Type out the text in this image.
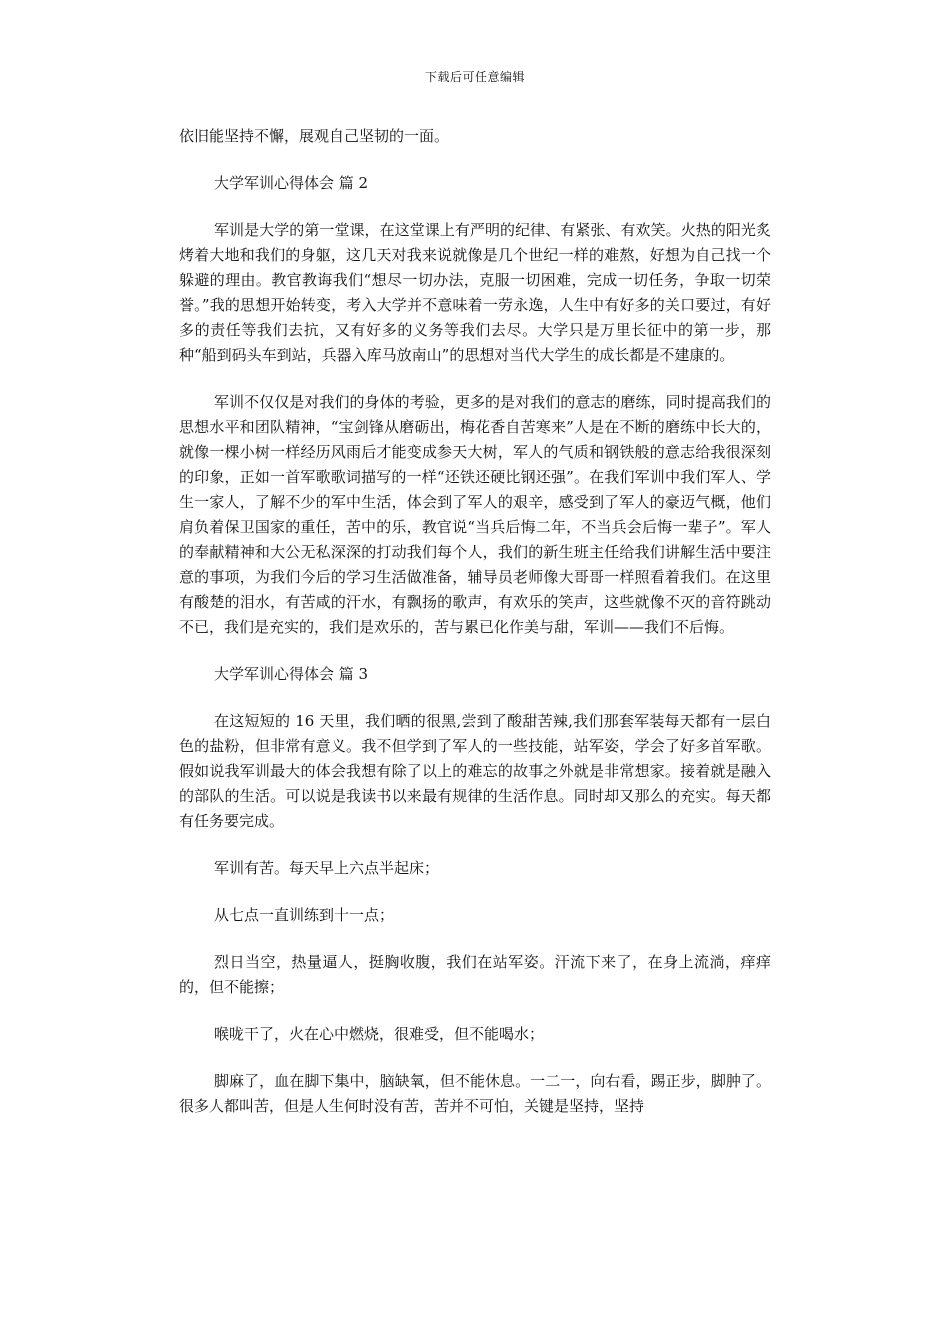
下载后可任意编辑

依旧能坚持不懈，展观自己坚韧的一面。

大学军训心得体会 篇 2

军训是大学的第一堂课，在这堂课上有严明的纪律、有紧张、有欢笑。火热的阳光炙烤着大地和我们的身躯，这几天对我来说就像是几个世纪一样的难熬，好想为自己找一个躲避的理由。教官教诲我们“想尽一切办法，克服一切困难，完成一切任务，争取一切荣誉。”我的思想开始转变，考入大学并不意味着一劳永逸，人生中有好多的关口要过，有好多的责任等我们去抗，又有好多的义务等我们去尽。大学只是万里长征中的第一步，那种“船到码头车到站，兵器入库马放南山”的思想对当代大学生的成长都是不建康的。

军训不仅仅是对我们的身体的考验，更多的是对我们的意志的磨练，同时提高我们的思想水平和团队精神，“宝剑锋从磨砺出，梅花香自苦寒来”人是在不断的磨练中长大的，就像一棵小树一样经历风雨后才能变成参天大树，军人的气质和钢铁般的意志给我很深刻的印象，正如一首军歌歌词描写的一样“还铁还硬比钢还强”。在我们军训中我们军人、学生一家人，了解不少的军中生活，体会到了军人的艰辛，感受到了军人的豪迈气概，他们肩负着保卫国家的重任，苦中的乐，教官说“当兵后悔二年，不当兵会后悔一辈子”。军人的奉献精神和大公无私深深的打动我们每个人，我们的新生班主任给我们讲解生活中要注意的事项，为我们今后的学习生活做准备，辅导员老师像大哥哥一样照看着我们。在这里有酸楚的泪水，有苦咸的汗水，有飘扬的歌声，有欢乐的笑声，这些就像不灭的音符跳动不已，我们是充实的，我们是欢乐的，苦与累已化作美与甜，军训——我们不后悔。

大学军训心得体会 篇 3

在这短短的 16 天里，我们晒的很黑,尝到了酸甜苦辣,我们那套军装每天都有一层白色的盐粉，但非常有意义。我不但学到了军人的一些技能，站军姿，学会了好多首军歌。假如说我军训最大的体会我想有除了以上的难忘的故事之外就是非常想家。接着就是融入的部队的生活。可以说是我读书以来最有规律的生活作息。同时却又那么的充实。每天都有任务要完成。

军训有苦。每天早上六点半起床；

从七点一直训练到十一点；

烈日当空，热量逼人，挺胸收腹，我们在站军姿。汗流下来了，在身上流淌，痒痒的，但不能擦；

喉咙干了，火在心中燃烧，很难受，但不能喝水；

脚麻了，血在脚下集中，脑缺氧，但不能休息。一二一，向右看，踢正步，脚肿了。很多人都叫苦，但是人生何时没有苦，苦并不可怕，关键是坚持，坚持
